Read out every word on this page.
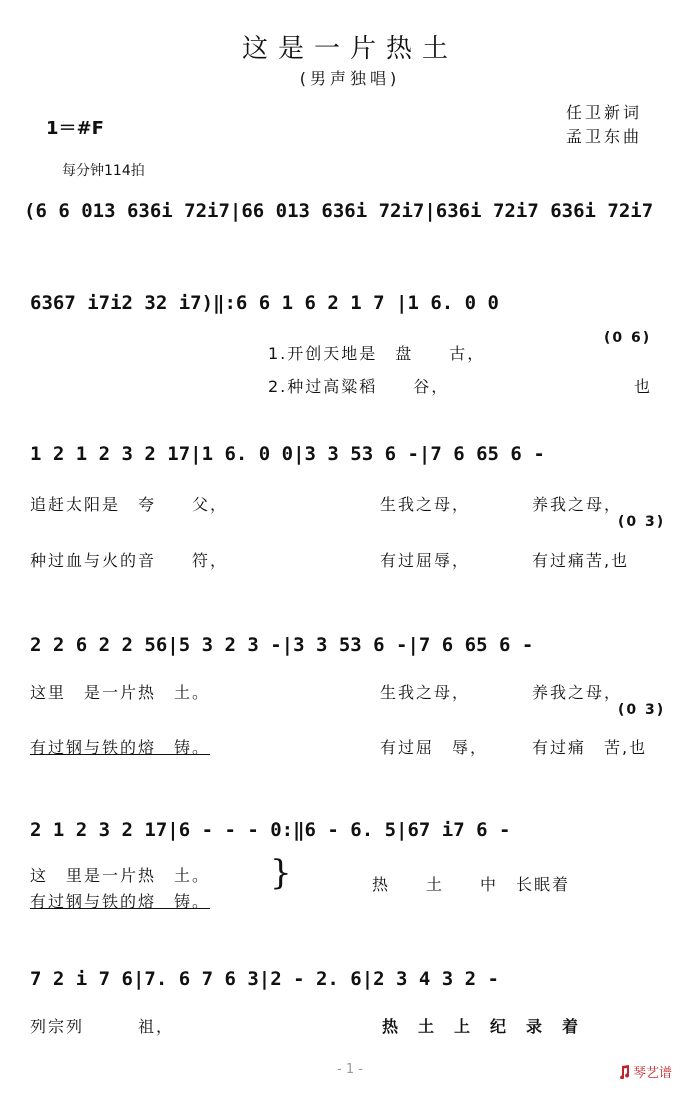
这是一片热土
(男声独唱)
任卫新词
孟卫东曲
1＝#F
每分钟114拍
(6 6 013 636i 72i7|66 013 636i 72i7|636i 72i7 636i 72i7
6367 i7i2 32 i7)‖:6 6 1 6 2 1 7 |1 6. 0 0
1.开创天地是　盘　　古，
2.种过高粱稻　　谷，
(0 6)
也
1 2 1 2 3 2 17|1 6. 0 0|3 3 53 6 -|7 6 65 6 -
追赶太阳是　夸　　父，	生我之母，	养我之母，
(0 3)
种过血与火的音　　符，	有过屈辱，	有过痛苦,也
2 2 6 2 2 56|5 3 2 3 -|3 3 53 6 -|7 6 65 6 -
这里　是一片热　土。	生我之母，	养我之母，
(0 3)
有过钢与铁的熔　铸。	有过屈　辱，	有过痛　苦,也
2 1 2 3 2 17|6 - - - 0:‖6 - 6. 5|67 i7 6 -
这　里是一片热　土。
有过钢与铁的熔　铸。
}	热　　土　　中　长眠着
7 2 i 7 6|7. 6 7 6 3|2 - 2. 6|2 3 4 3 2 -
列宗列　　　祖，	热　土　上　纪　录　着
- 1 -	琴艺谱
